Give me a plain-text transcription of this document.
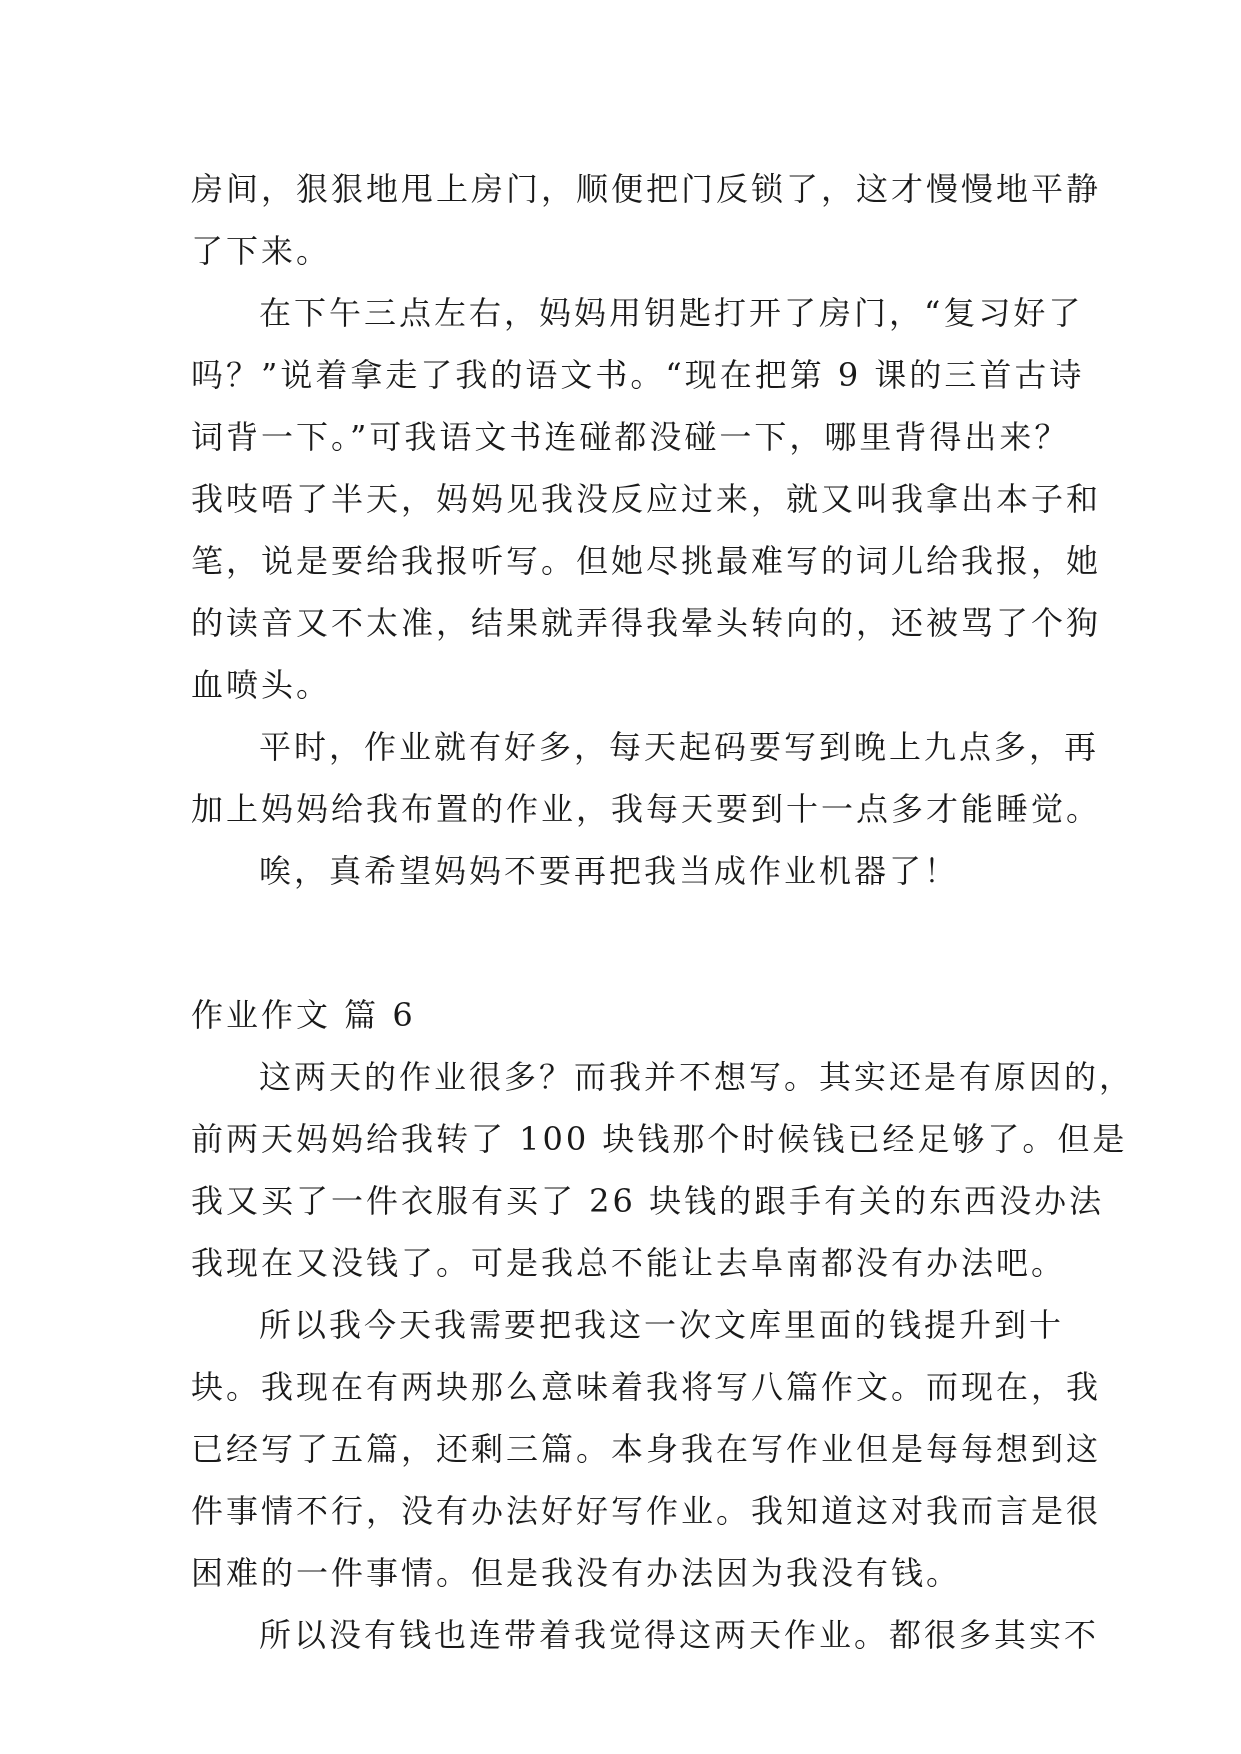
房间，狠狠地甩上房门，顺便把门反锁了，这才慢慢地平静
了下来。
在下午三点左右，妈妈用钥匙打开了房门，“复习好了
吗？”说着拿走了我的语文书。“现在把第 9 课的三首古诗
词背一下。”可我语文书连碰都没碰一下，哪里背得出来？
我吱唔了半天，妈妈见我没反应过来，就又叫我拿出本子和
笔，说是要给我报听写。但她尽挑最难写的词儿给我报，她
的读音又不太准，结果就弄得我晕头转向的，还被骂了个狗
血喷头。
平时，作业就有好多，每天起码要写到晚上九点多，再
加上妈妈给我布置的作业，我每天要到十一点多才能睡觉。
唉，真希望妈妈不要再把我当成作业机器了！
作业作文 篇 6
这两天的作业很多？而我并不想写。其实还是有原因的，
前两天妈妈给我转了 100 块钱那个时候钱已经足够了。但是
我又买了一件衣服有买了 26 块钱的跟手有关的东西没办法
我现在又没钱了。可是我总不能让去阜南都没有办法吧。
所以我今天我需要把我这一次文库里面的钱提升到十
块。我现在有两块那么意味着我将写八篇作文。而现在，我
已经写了五篇，还剩三篇。本身我在写作业但是每每想到这
件事情不行，没有办法好好写作业。我知道这对我而言是很
困难的一件事情。但是我没有办法因为我没有钱。
所以没有钱也连带着我觉得这两天作业。都很多其实不
